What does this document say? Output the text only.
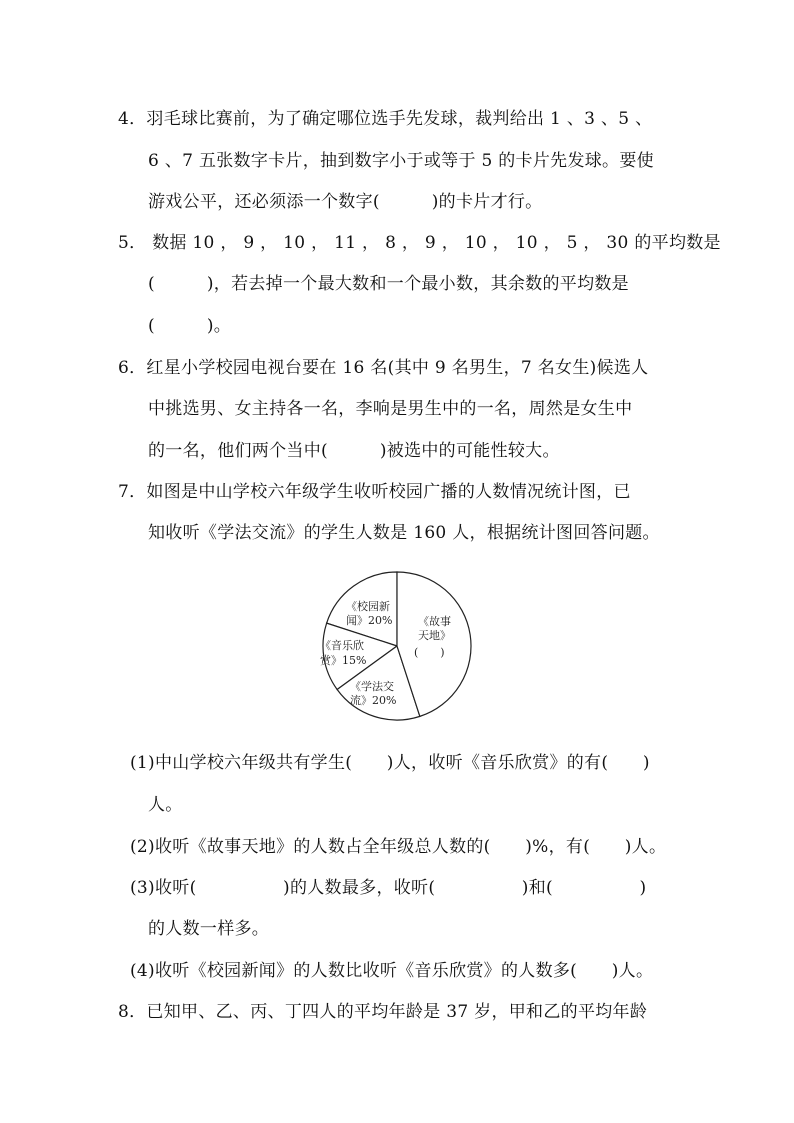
4．羽毛球比赛前，为了确定哪位选手先发球，裁判给出 1 、3 、5 、
6 、7 五张数字卡片，抽到数字小于或等于 5 的卡片先发球。要使
游戏公平，还必须添一个数字(　　　)的卡片才行。
5． 数据 10 ， 9 ， 10 ， 11 ， 8 ， 9 ， 10 ， 10 ， 5 ， 30 的平均数是
(　　　)，若去掉一个最大数和一个最小数，其余数的平均数是
(　　　)。
6．红星小学校园电视台要在 16 名(其中 9 名男生，7 名女生)候选人
中挑选男、女主持各一名，李响是男生中的一名，周然是女生中
的一名，他们两个当中(　　　)被选中的可能性较大。
7．如图是中山学校六年级学生收听校园广播的人数情况统计图，已
知收听《学法交流》的学生人数是 160 人，根据统计图回答问题。
《校园新
闻》20%
《音乐欣
赏》15%
《学法交
流》20%
《故事
天地》
(　　)
(1)中山学校六年级共有学生(　　)人，收听《音乐欣赏》的有(　　)
人。
(2)收听《故事天地》的人数占全年级总人数的(　　)%，有(　　)人。
(3)收听(　　　　　)的人数最多，收听(　　　　　)和(　　　　　)
的人数一样多。
(4)收听《校园新闻》的人数比收听《音乐欣赏》的人数多(　　)人。
8．已知甲、乙、丙、丁四人的平均年龄是 37 岁，甲和乙的平均年龄
